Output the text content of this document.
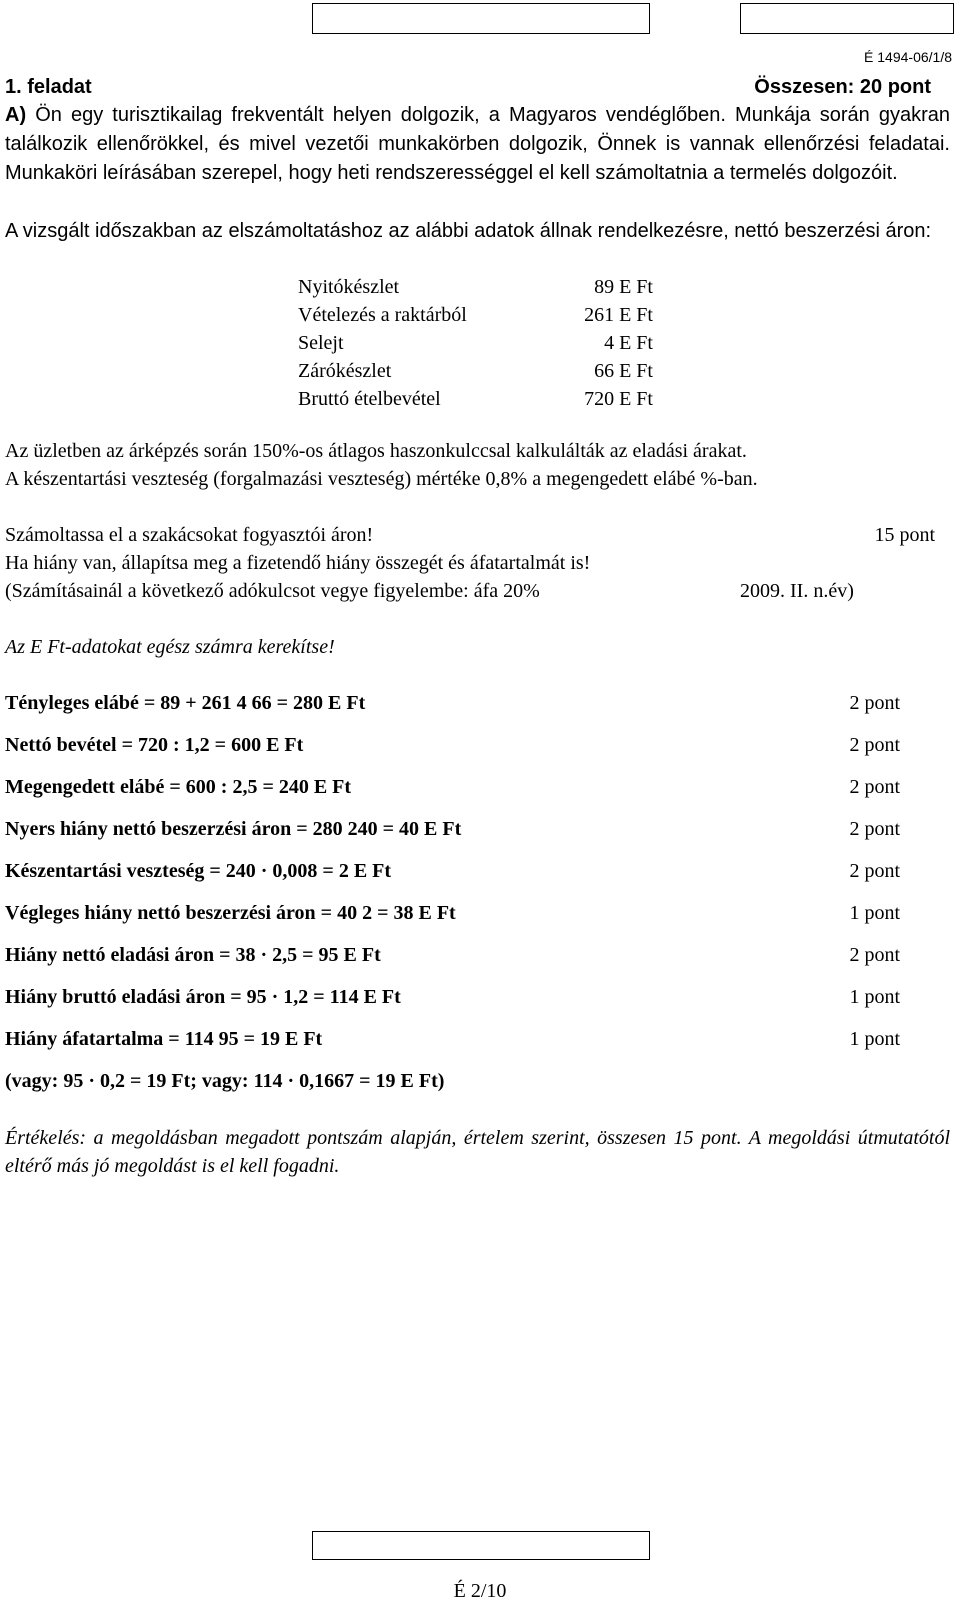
É 1494-06/1/8
1. feladat	Összesen: 20 pont
A) Ön egy turisztikailag frekventált helyen dolgozik, a Magyaros vendéglőben. Munkája során gyakran találkozik ellenőrökkel, és mivel vezetői munkakörben dolgozik, Önnek is vannak ellenőrzési feladatai. Munkaköri leírásában szerepel, hogy heti rendszerességgel el kell számoltatnia a termelés dolgozóit.
A vizsgált időszakban az elszámoltatáshoz az alábbi adatok állnak rendelkezésre, nettó beszerzési áron:
Nyitókészlet	89 E Ft
Vételezés a raktárból	261 E Ft
Selejt	4 E Ft
Zárókészlet	66 E Ft
Bruttó ételbevétel	720 E Ft
Az üzletben az árképzés során 150%-os átlagos haszonkulccsal kalkulálták az eladási árakat.
A készentartási veszteség (forgalmazási veszteség) mértéke 0,8% a megengedett elábé %-ban.
Számoltassa el a szakácsokat fogyasztói áron!	15 pont
Ha hiány van, állapítsa meg a fizetendő hiány összegét és áfatartalmát is!
(Számításainál a következő adókulcsot vegye figyelembe: áfa 20%	2009. II. n.év)
Az E Ft-adatokat egész számra kerekítse!
Tényleges elábé = 89 + 261 4 66 = 280 E Ft	2 pont
Nettó bevétel = 720 : 1,2 = 600 E Ft	2 pont
Megengedett elábé = 600 : 2,5 = 240 E Ft	2 pont
Nyers hiány nettó beszerzési áron = 280 240 = 40 E Ft	2 pont
Készentartási veszteség = 240 · 0,008 = 2 E Ft	2 pont
Végleges hiány nettó beszerzési áron = 40 2 = 38 E Ft	1 pont
Hiány nettó eladási áron = 38 · 2,5 = 95 E Ft	2 pont
Hiány bruttó eladási áron = 95 · 1,2 = 114 E Ft	1 pont
Hiány áfatartalma = 114 95 = 19 E Ft	1 pont
(vagy: 95 · 0,2 = 19 Ft; vagy: 114 · 0,1667 = 19 E Ft)
Értékelés: a megoldásban megadott pontszám alapján, értelem szerint, összesen 15 pont. A megoldási útmutatótól eltérő más jó megoldást is el kell fogadni.
É 2/10
